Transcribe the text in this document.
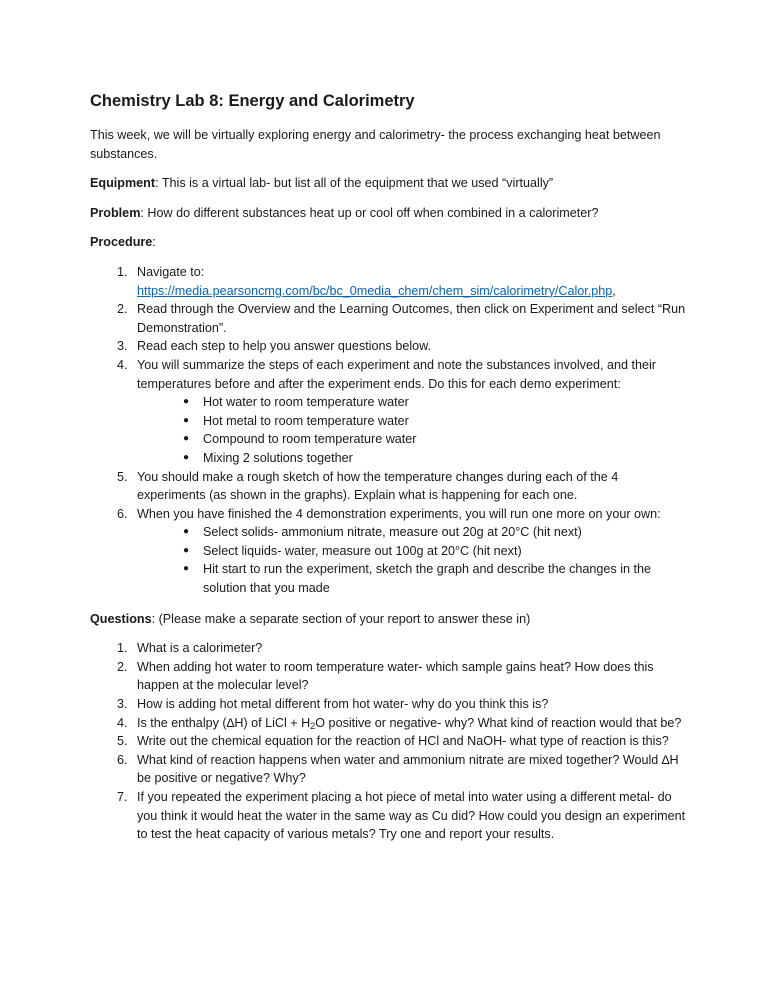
Chemistry Lab 8: Energy and Calorimetry

This week, we will be virtually exploring energy and calorimetry- the process exchanging heat between substances.

Equipment: This is a virtual lab- but list all of the equipment that we used “virtually”

Problem: How do different substances heat up or cool off when combined in a calorimeter?

Procedure:

1. Navigate to:
https://media.pearsoncmg.com/bc/bc_0media_chem/chem_sim/calorimetry/Calor.php,
2. Read through the Overview and the Learning Outcomes, then click on Experiment and select “Run Demonstration”.
3. Read each step to help you answer questions below.
4. You will summarize the steps of each experiment and note the substances involved, and their temperatures before and after the experiment ends. Do this for each demo experiment:
● Hot water to room temperature water
● Hot metal to room temperature water
● Compound to room temperature water
● Mixing 2 solutions together
5. You should make a rough sketch of how the temperature changes during each of the 4 experiments (as shown in the graphs). Explain what is happening for each one.
6. When you have finished the 4 demonstration experiments, you will run one more on your own:
● Select solids- ammonium nitrate, measure out 20g at 20°C (hit next)
● Select liquids- water, measure out 100g at 20°C (hit next)
● Hit start to run the experiment, sketch the graph and describe the changes in the solution that you made

Questions: (Please make a separate section of your report to answer these in)

1. What is a calorimeter?
2. When adding hot water to room temperature water- which sample gains heat? How does this happen at the molecular level?
3. How is adding hot metal different from hot water- why do you think this is?
4. Is the enthalpy (∆H) of LiCl + $H_2O$ positive or negative- why? What kind of reaction would that be?
5. Write out the chemical equation for the reaction of HCl and NaOH- what type of reaction is this?
6. What kind of reaction happens when water and ammonium nitrate are mixed together? Would ∆H be positive or negative? Why?
7. If you repeated the experiment placing a hot piece of metal into water using a different metal- do you think it would heat the water in the same way as Cu did? How could you design an experiment to test the heat capacity of various metals? Try one and report your results.
